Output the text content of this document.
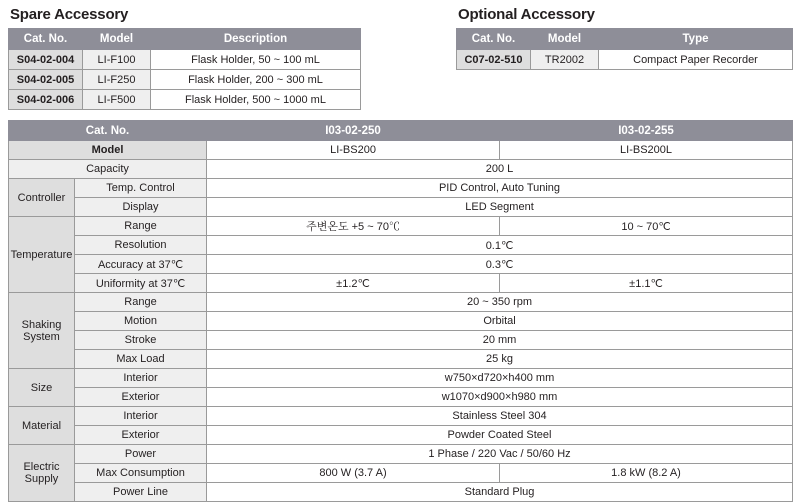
Spare Accessory
Cat. No.	Model	Description
S04-02-004	LI-F100	Flask Holder, 50 ~ 100 mL
S04-02-005	LI-F250	Flask Holder, 200 ~ 300 mL
S04-02-006	LI-F500	Flask Holder, 500 ~ 1000 mL
Optional Accessory
Cat. No.	Model	Type
C07-02-510	TR2002	Compact Paper Recorder
Cat. No.		I03-02-250	I03-02-255
Model		LI-BS200	LI-BS200L
Capacity		200 L	
Controller	Temp. Control	PID Control, Auto Tuning	
	Display	LED Segment	
Temperature	Range	주변온도 +5 ~ 70℃	10 ~ 70℃
	Resolution	0.1℃	
	Accuracy at 37℃	0.3℃	
	Uniformity at 37℃	±1.2℃	±1.1℃
Shaking System	Range	20 ~ 350 rpm	
	Motion	Orbital	
	Stroke	20 mm	
	Max Load	25 kg	
Size	Interior	w750×d720×h400 mm	
	Exterior	w1070×d900×h980 mm	
Material	Interior	Stainless Steel 304	
	Exterior	Powder Coated Steel	
Electric Supply	Power	1 Phase / 220 Vac / 50/60 Hz	
	Max Consumption	800 W (3.7 A)	1.8 kW (8.2 A)
	Power Line	Standard Plug	
